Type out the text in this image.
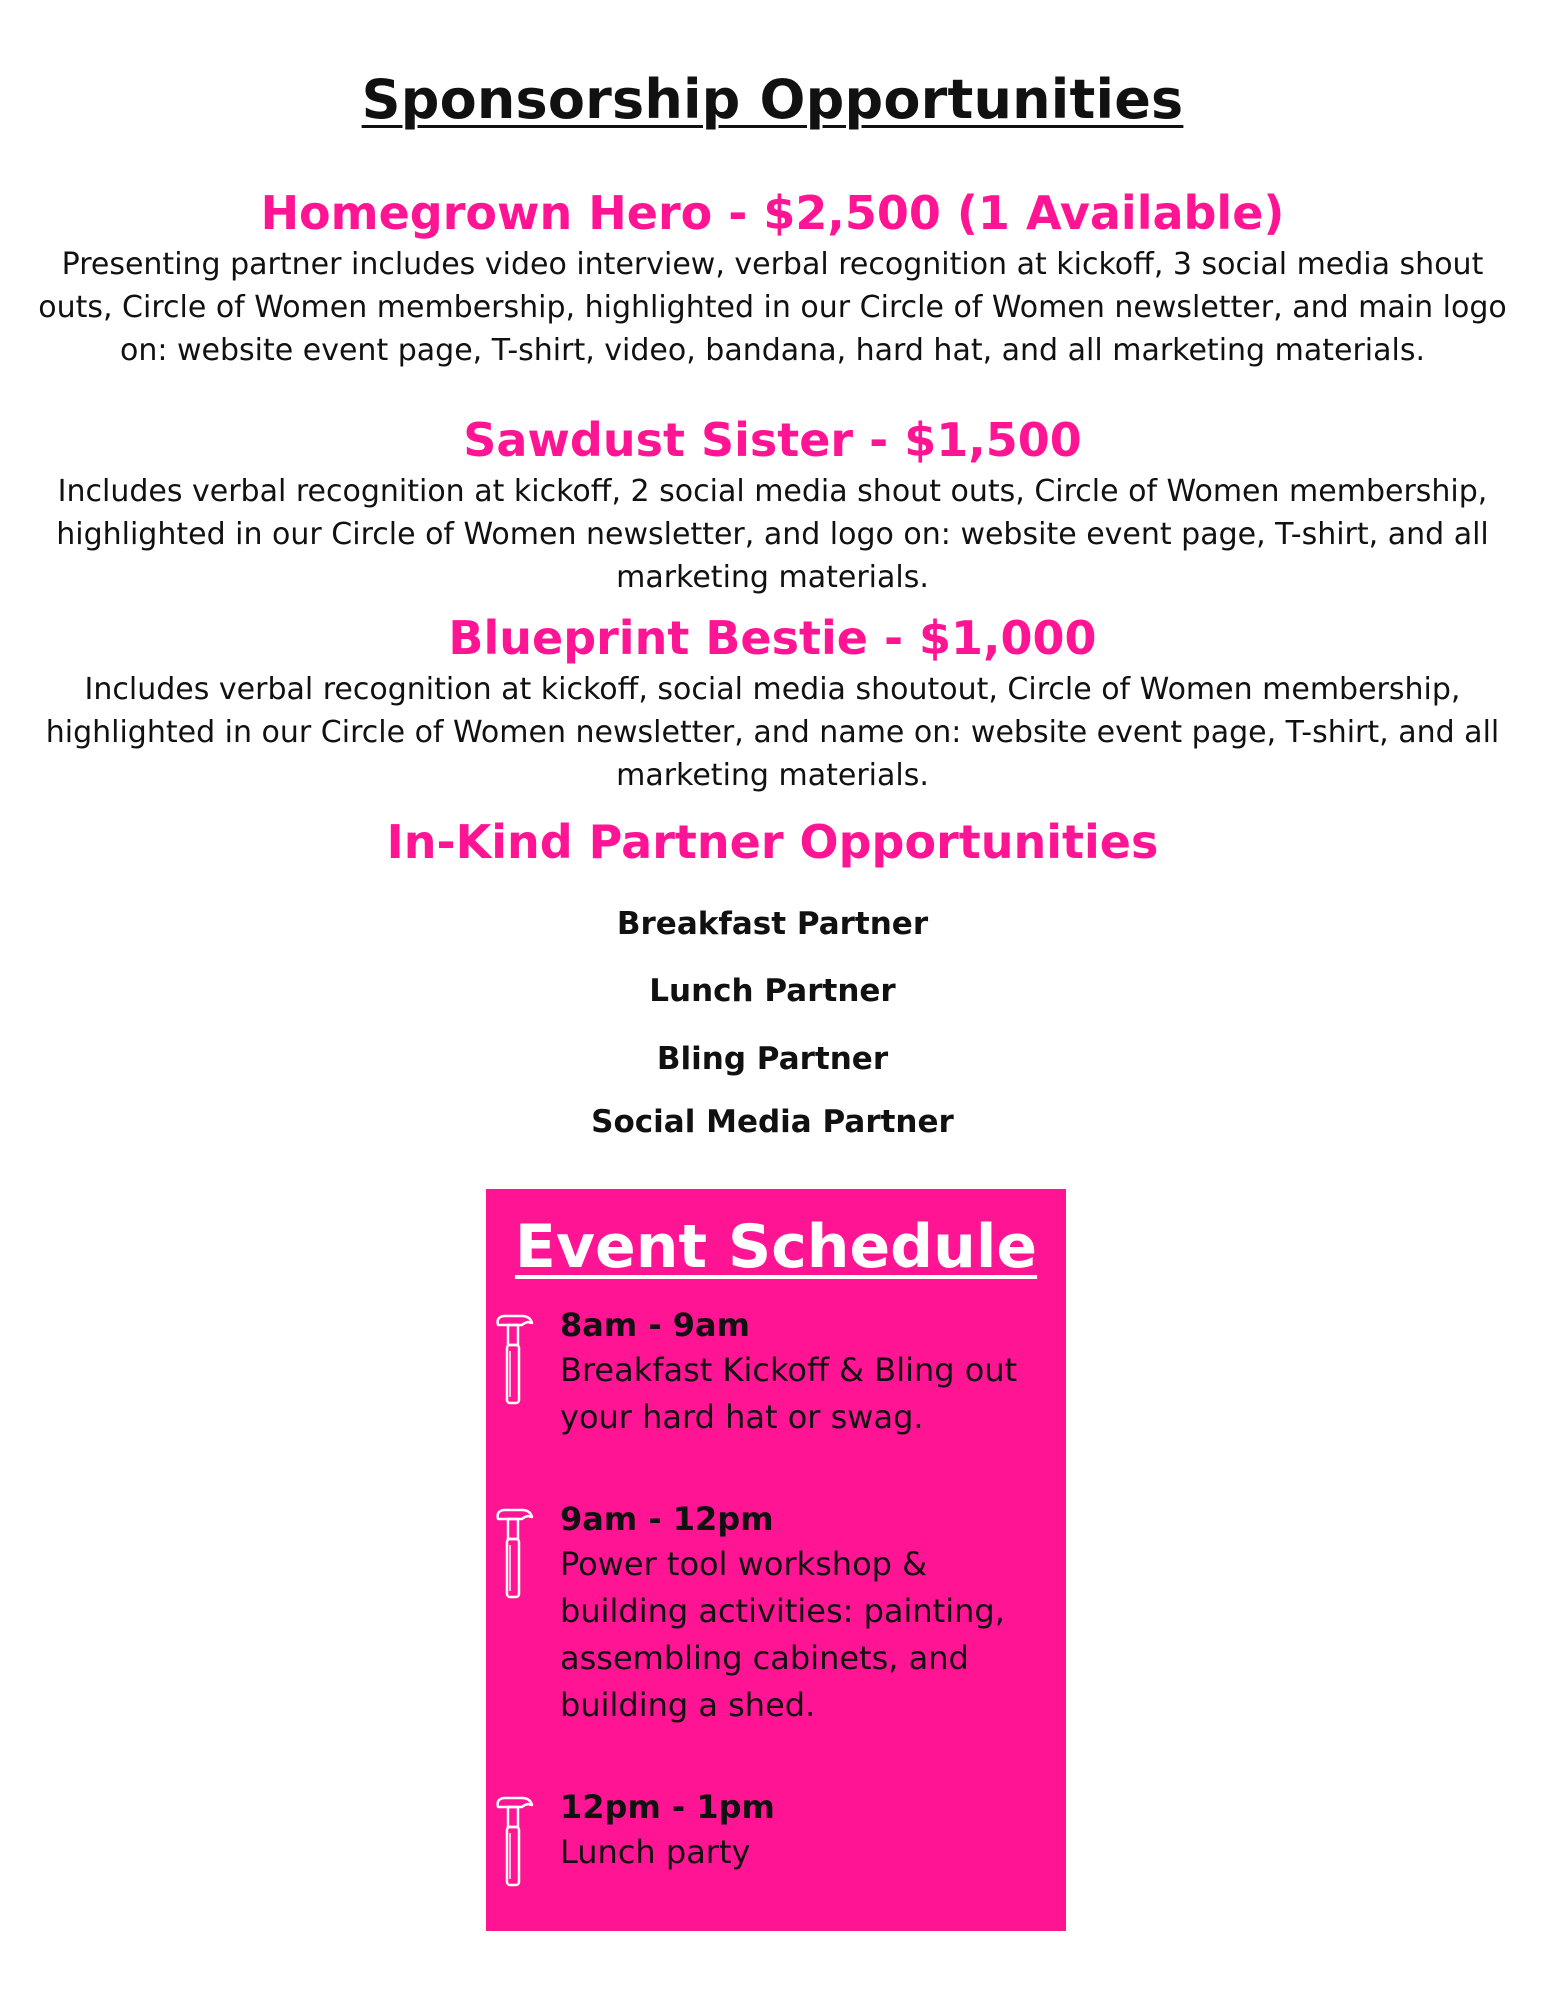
Sponsorship Opportunities
Homegrown Hero - $2,500 (1 Available)

Presenting partner includes video interview, verbal recognition at kickoff, 3 social media shout outs, Circle of Women membership, highlighted in our Circle of Women newsletter, and main logo on: website event page, T-shirt, video, bandana, hard hat, and all marketing materials.

Sawdust Sister - $1,500

Includes verbal recognition at kickoff, 2 social media shout outs, Circle of Women membership, highlighted in our Circle of Women newsletter, and logo on: website event page, T-shirt, and all marketing materials.

Blueprint Bestie - $1,000

Includes verbal recognition at kickoff, social media shoutout, Circle of Women membership, highlighted in our Circle of Women newsletter, and name on: website event page, T-shirt, and all marketing materials.

In-Kind Partner Opportunities
Breakfast Partner
Lunch Partner
Bling Partner
Social Media Partner
Event Schedule
8am - 9am
Breakfast Kickoff & Bling out your hard hat or swag.
9am - 12pm
Power tool workshop & building activities: painting, assembling cabinets, and building a shed.
12pm - 1pm
Lunch party
